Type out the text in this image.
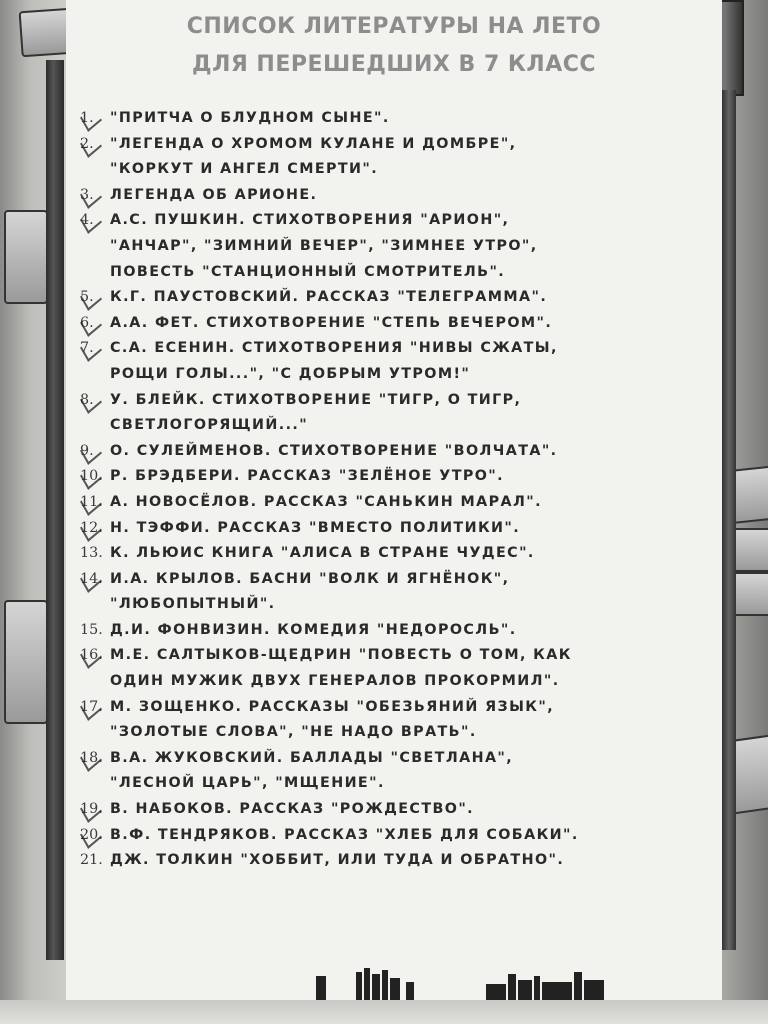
СПИСОК ЛИТЕРАТУРЫ НА ЛЕТО
ДЛЯ ПЕРЕШЕДШИХ В 7 КЛАСС
1. "ПРИТЧА О БЛУДНОМ СЫНЕ".
2. "ЛЕГЕНДА О ХРОМОМ КУЛАНЕ И ДОМБРЕ",
"КОРКУТ И АНГЕЛ СМЕРТИ".
3. ЛЕГЕНДА ОБ АРИОНЕ.
4. А.С. ПУШКИН. СТИХОТВОРЕНИЯ "АРИОН",
"АНЧАР", "ЗИМНИЙ ВЕЧЕР", "ЗИМНЕЕ УТРО",
ПОВЕСТЬ "СТАНЦИОННЫЙ СМОТРИТЕЛЬ".
5. К.Г. ПАУСТОВСКИЙ. РАССКАЗ "ТЕЛЕГРАММА".
6. А.А. ФЕТ. СТИХОТВОРЕНИЕ "СТЕПЬ ВЕЧЕРОМ".
7. С.А. ЕСЕНИН. СТИХОТВОРЕНИЯ "НИВЫ СЖАТЫ,
РОЩИ ГОЛЫ...", "С ДОБРЫМ УТРОМ!"
8. У. БЛЕЙК. СТИХОТВОРЕНИЕ "ТИГР, О ТИГР,
СВЕТЛОГОРЯЩИЙ..."
9. О. СУЛЕЙМЕНОВ. СТИХОТВОРЕНИЕ "ВОЛЧАТА".
10. Р. БРЭДБЕРИ. РАССКАЗ "ЗЕЛЁНОЕ УТРО".
11. А. НОВОСЁЛОВ. РАССКАЗ "САНЬКИН МАРАЛ".
12. Н. ТЭФФИ. РАССКАЗ "ВМЕСТО ПОЛИТИКИ".
13. К. ЛЬЮИС КНИГА "АЛИСА В СТРАНЕ ЧУДЕС".
14. И.А. КРЫЛОВ. БАСНИ "ВОЛК И ЯГНЁНОК",
"ЛЮБОПЫТНЫЙ".
15. Д.И. ФОНВИЗИН. КОМЕДИЯ "НЕДОРОСЛЬ".
16. М.Е. САЛТЫКОВ-ЩЕДРИН "ПОВЕСТЬ О ТОМ, КАК
ОДИН МУЖИК ДВУХ ГЕНЕРАЛОВ ПРОКОРМИЛ".
17. М. ЗОЩЕНКО. РАССКАЗЫ "ОБЕЗЬЯНИЙ ЯЗЫК",
"ЗОЛОТЫЕ СЛОВА", "НЕ НАДО ВРАТЬ".
18. В.А. ЖУКОВСКИЙ. БАЛЛАДЫ "СВЕТЛАНА",
"ЛЕСНОЙ ЦАРЬ", "МЩЕНИЕ".
19. В. НАБОКОВ. РАССКАЗ "РОЖДЕСТВО".
20. В.Ф. ТЕНДРЯКОВ. РАССКАЗ "ХЛЕБ ДЛЯ СОБАКИ".
21. ДЖ. ТОЛКИН "ХОББИТ, ИЛИ ТУДА И ОБРАТНО".
